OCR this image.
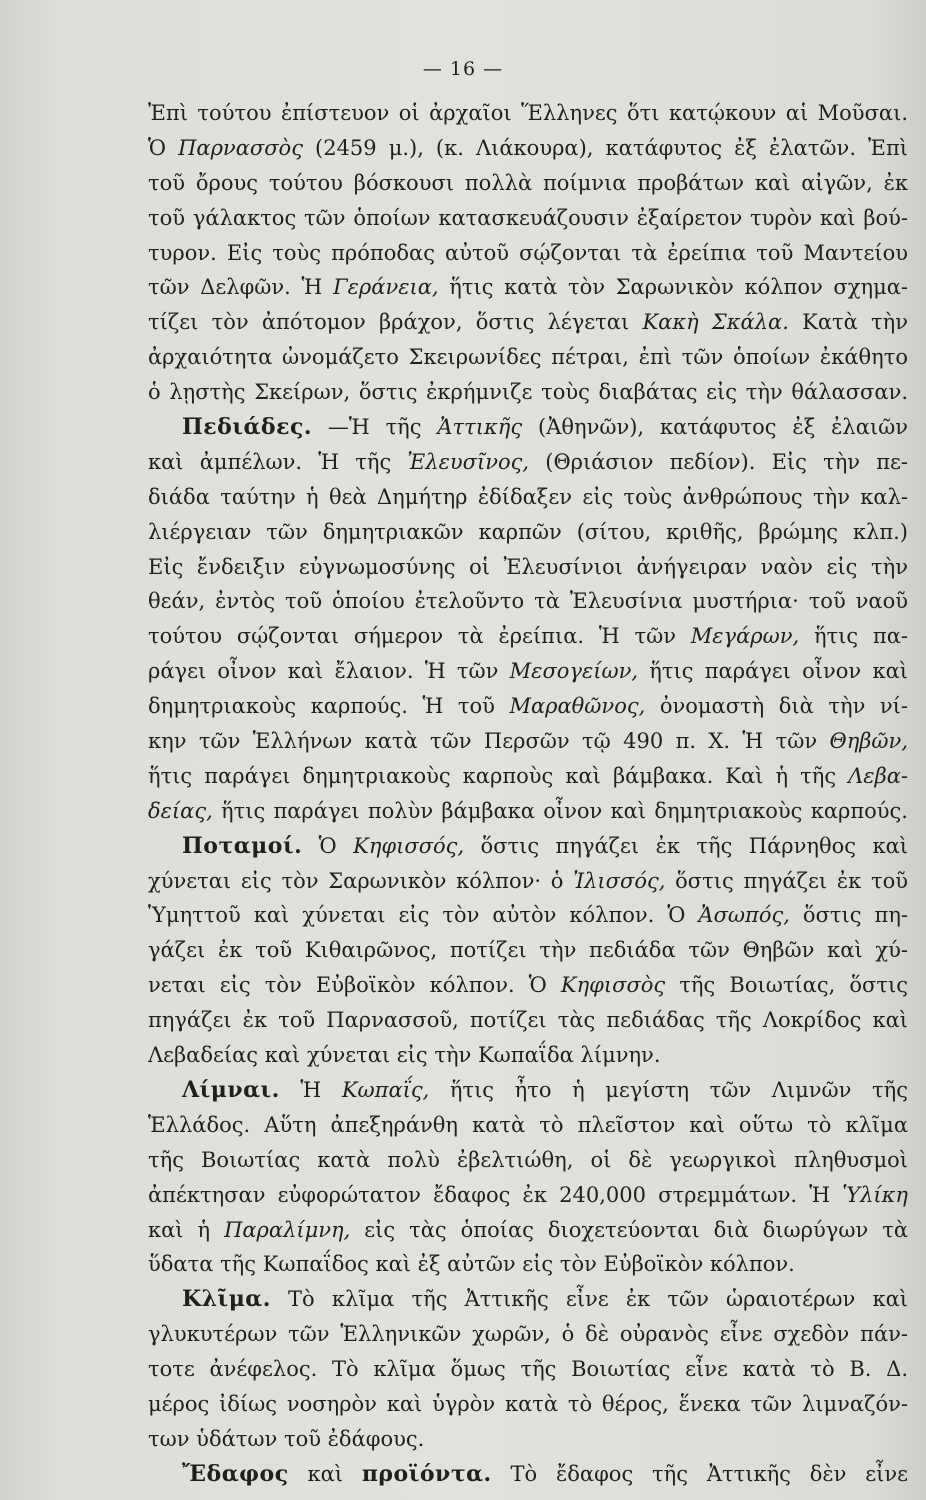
— 16 —
Ἐπὶ τούτου ἐπίστευον οἱ ἀρχαῖοι Ἕλληνες ὅτι κατῴκουν αἱ Μοῦσαι.
Ὁ Παρνασσὸς (2459 μ.), (κ. Λιάκουρα), κατάφυτος ἐξ ἐλατῶν. Ἐπὶ
τοῦ ὄρους τούτου βόσκουσι πολλὰ ποίμνια προβάτων καὶ αἰγῶν, ἐκ
τοῦ γάλακτος τῶν ὁποίων κατασκευάζουσιν ἐξαίρετον τυρὸν καὶ βού-
τυρον. Εἰς τοὺς πρόποδας αὐτοῦ σῴζονται τὰ ἐρείπια τοῦ Μαντείου
τῶν Δελφῶν. Ἡ Γεράνεια, ἥτις κατὰ τὸν Σαρωνικὸν κόλπον σχημα-
τίζει τὸν ἀπότομον βράχον, ὅστις λέγεται Κακὴ Σκάλα. Κατὰ τὴν
ἀρχαιότητα ὠνομάζετο Σκειρωνίδες πέτραι, ἐπὶ τῶν ὁποίων ἐκάθητο
ὁ λῃστὴς Σκείρων, ὅστις ἐκρήμνιζε τοὺς διαβάτας εἰς τὴν θάλασσαν.
Πεδιάδες. —Ἡ τῆς Ἀττικῆς (Ἀθηνῶν), κατάφυτος ἐξ ἐλαιῶν
καὶ ἀμπέλων. Ἡ τῆς Ἐλευσῖνος, (Θριάσιον πεδίον). Εἰς τὴν πε-
διάδα ταύτην ἡ θεὰ Δημήτηρ ἐδίδαξεν εἰς τοὺς ἀνθρώπους τὴν καλ-
λιέργειαν τῶν δημητριακῶν καρπῶν (σίτου, κριθῆς, βρώμης κλπ.)
Εἰς ἔνδειξιν εὐγνωμοσύνης οἱ Ἐλευσίνιοι ἀνήγειραν ναὸν εἰς τὴν
θεάν, ἐντὸς τοῦ ὁποίου ἐτελοῦντο τὰ Ἐλευσίνια μυστήρια· τοῦ ναοῦ
τούτου σῴζονται σήμερον τὰ ἐρείπια. Ἡ τῶν Μεγάρων, ἥτις πα-
ράγει οἶνον καὶ ἔλαιον. Ἡ τῶν Μεσογείων, ἥτις παράγει οἶνον καὶ
δημητριακοὺς καρπούς. Ἡ τοῦ Μαραθῶνος, ὀνομαστὴ διὰ τὴν νί-
κην τῶν Ἑλλήνων κατὰ τῶν Περσῶν τῷ 490 π. Χ. Ἡ τῶν Θηβῶν,
ἥτις παράγει δημητριακοὺς καρποὺς καὶ βάμβακα. Καὶ ἡ τῆς Λεβα-
δείας, ἥτις παράγει πολὺν βάμβακα οἶνον καὶ δημητριακοὺς καρπούς.
Ποταμοί. Ὁ Κηφισσός, ὅστις πηγάζει ἐκ τῆς Πάρνηθος καὶ
χύνεται εἰς τὸν Σαρωνικὸν κόλπον· ὁ Ἰλισσός, ὅστις πηγάζει ἐκ τοῦ
Ὑμηττοῦ καὶ χύνεται εἰς τὸν αὐτὸν κόλπον. Ὁ Ἀσωπός, ὅστις πη-
γάζει ἐκ τοῦ Κιθαιρῶνος, ποτίζει τὴν πεδιάδα τῶν Θηβῶν καὶ χύ-
νεται εἰς τὸν Εὐβοϊκὸν κόλπον. Ὁ Κηφισσὸς τῆς Βοιωτίας, ὅστις
πηγάζει ἐκ τοῦ Παρνασσοῦ, ποτίζει τὰς πεδιάδας τῆς Λοκρίδος καὶ
Λεβαδείας καὶ χύνεται εἰς τὴν Κωπαΐδα λίμνην.
Λίμναι. Ἡ Κωπαΐς, ἥτις ἦτο ἡ μεγίστη τῶν Λιμνῶν τῆς
Ἑλλάδος. Αὕτη ἀπεξηράνθη κατὰ τὸ πλεῖστον καὶ οὕτω τὸ κλῖμα
τῆς Βοιωτίας κατὰ πολὺ ἐβελτιώθη, οἱ δὲ γεωργικοὶ πληθυσμοὶ
ἀπέκτησαν εὐφορώτατον ἔδαφος ἐκ 240,000 στρεμμάτων. Ἡ Ὑλίκη
καὶ ἡ Παραλίμνη, εἰς τὰς ὁποίας διοχετεύονται διὰ διωρύγων τὰ
ὕδατα τῆς Κωπαΐδος καὶ ἐξ αὐτῶν εἰς τὸν Εὐβοϊκὸν κόλπον.
Κλῖμα. Τὸ κλῖμα τῆς Ἀττικῆς εἶνε ἐκ τῶν ὡραιοτέρων καὶ
γλυκυτέρων τῶν Ἑλληνικῶν χωρῶν, ὁ δὲ οὐρανὸς εἶνε σχεδὸν πάν-
τοτε ἀνέφελος. Τὸ κλῖμα ὅμως τῆς Βοιωτίας εἶνε κατὰ τὸ Β. Δ.
μέρος ἰδίως νοσηρὸν καὶ ὑγρὸν κατὰ τὸ θέρος, ἕνεκα τῶν λιμναζόν-
των ὑδάτων τοῦ ἐδάφους.
Ἔδαφος καὶ προϊόντα. Τὸ ἔδαφος τῆς Ἀττικῆς δὲν εἶνε
